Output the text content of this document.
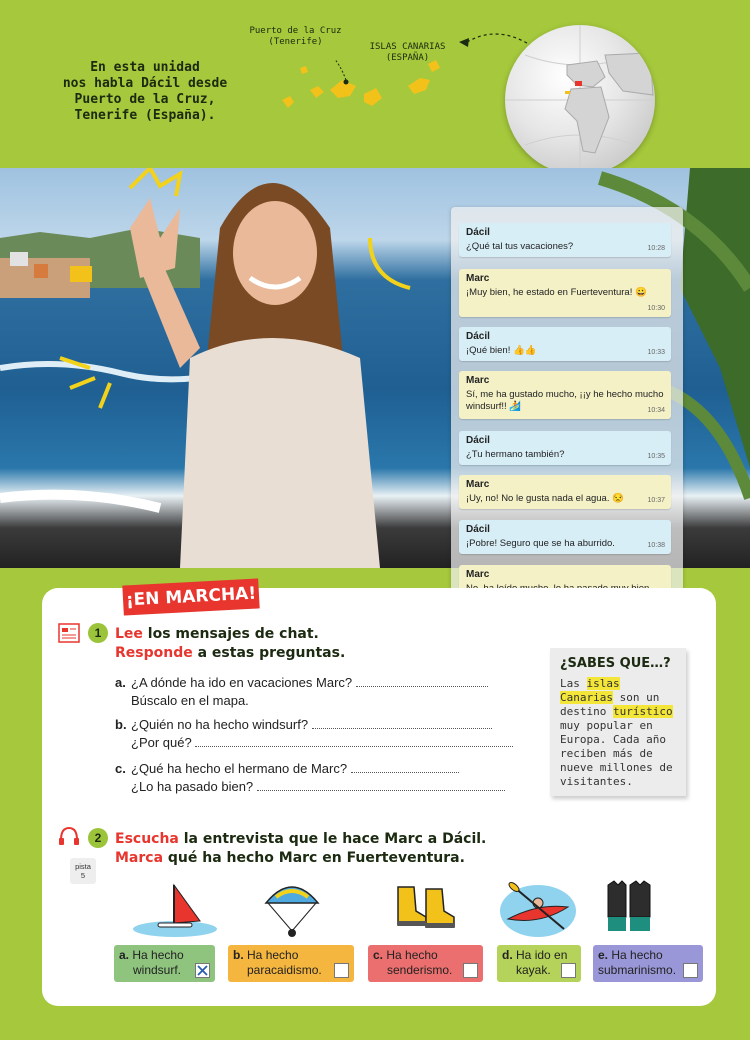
En esta unidad
nos habla Dácil desde
Puerto de la Cruz,
Tenerife (España).
Puerto de la Cruz
(Tenerife)	ISLAS CANARIAS
(ESPAÑA)
Dácil
¿Qué tal tus vacaciones?	10:28
Marc
¡Muy bien, he estado en Fuerteventura! 😀
10:30
Dácil
¡Qué bien! 👍👍	10:33
Marc
Sí, me ha gustado mucho, ¡¡y he hecho mucho windsurf!! 🏄	10:34
Dácil
¿Tu hermano también?	10:35
Marc
¡Uy, no! No le gusta nada el agua. 😒	10:37
Dácil
¡Pobre! Seguro que se ha aburrido.	10:38
Marc
¡EN MARCHA!
1 Lee los mensajes de chat.
Responde a estas preguntas.
a. ¿A dónde ha ido en vacaciones Marc?
Búscalo en el mapa.
b. ¿Quién no ha hecho windsurf?
¿Por qué?
c. ¿Qué ha hecho el hermano de Marc?
¿Lo ha pasado bien?
¿SABES QUE…?

Las islas Canarias son un destino turístico muy popular en Europa. Cada año reciben más de nueve millones de visitantes.

2
pista
5
Escucha la entrevista que le hace Marc a Dácil.
Marca qué ha hecho Marc en Fuerteventura.
a. Ha hecho
windsurf.
b. Ha hecho
paracaidismo.
c. Ha hecho
senderismo.
d. Ha ido en
kayak.
e. Ha hecho
submarinismo.
